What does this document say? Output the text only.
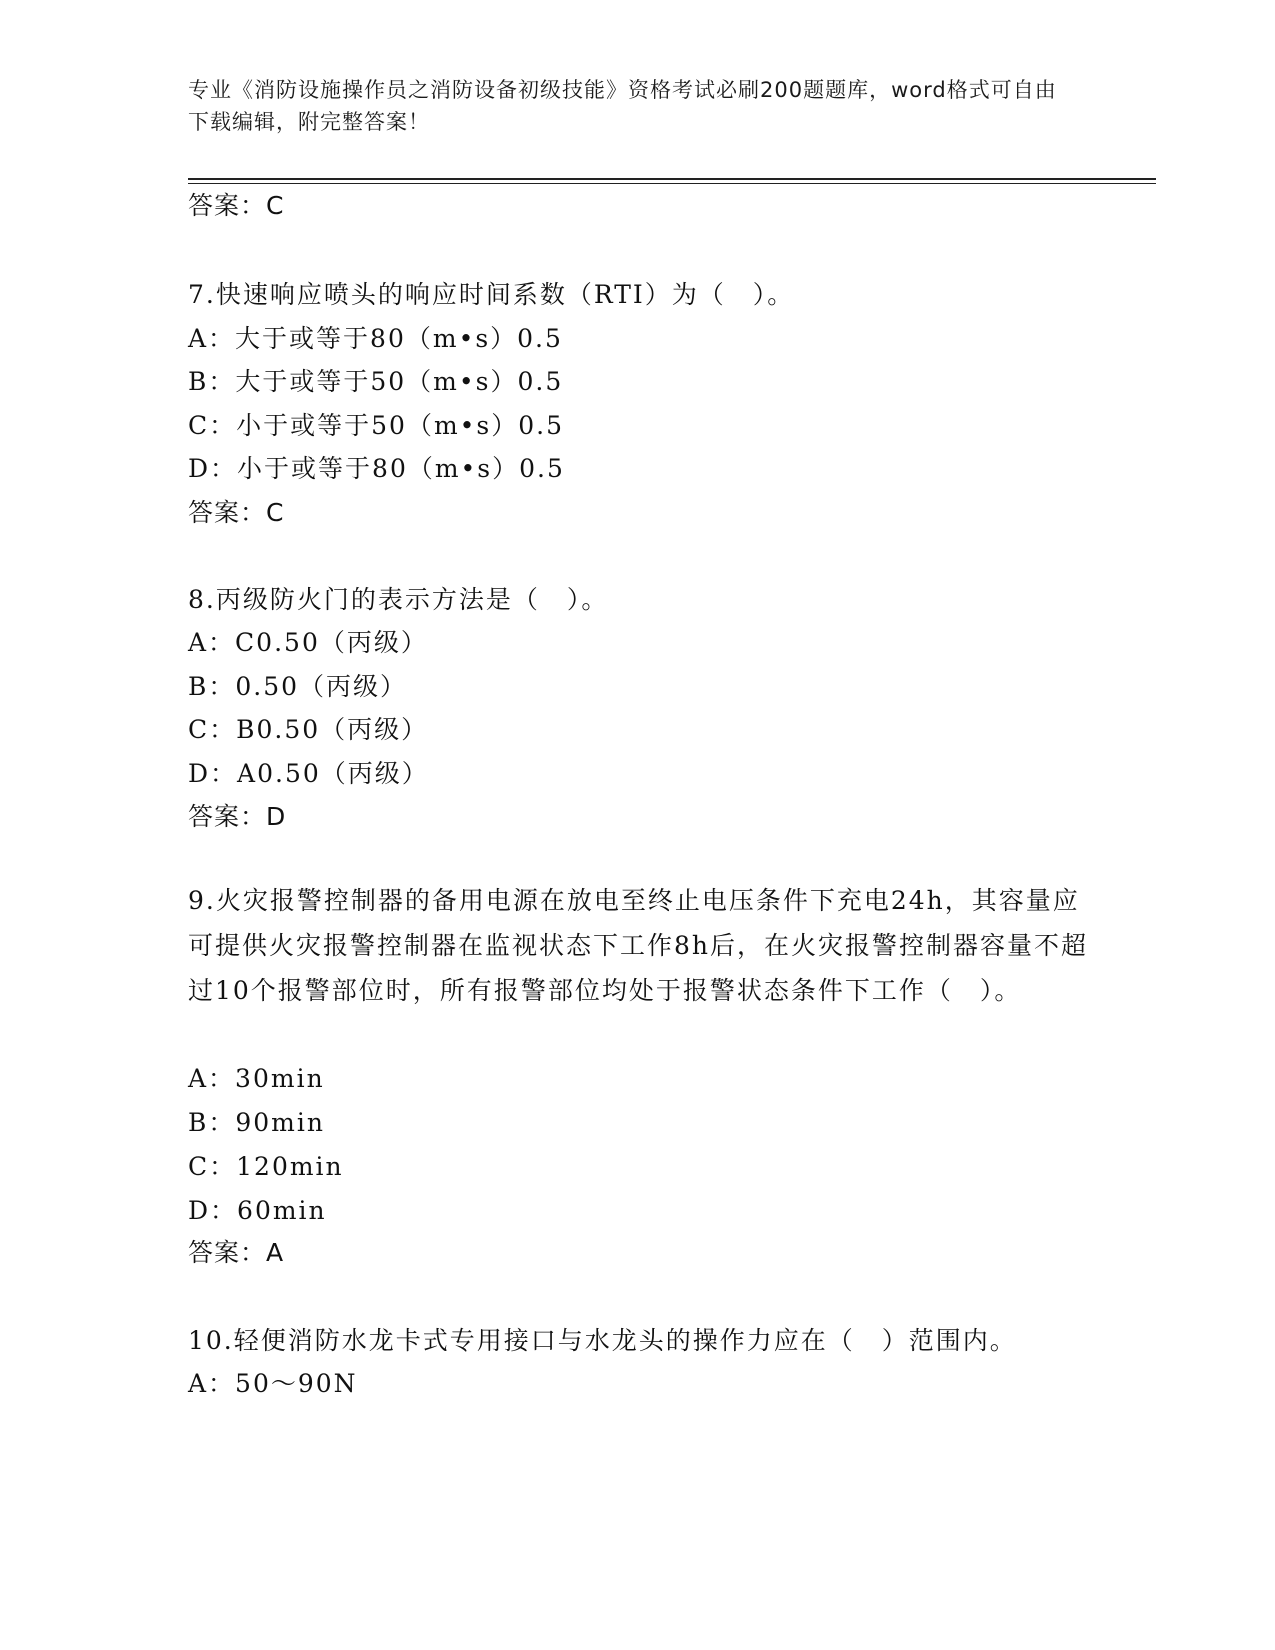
专业《消防设施操作员之消防设备初级技能》资格考试必刷200题题库，word格式可自由下载编辑，附完整答案！
答案：C
7.快速响应喷头的响应时间系数（RTI）为（　）。
A：大于或等于80（m•s）0.5
B：大于或等于50（m•s）0.5
C：小于或等于50（m•s）0.5
D：小于或等于80（m•s）0.5
答案：C
8.丙级防火门的表示方法是（　）。
A：C0.50（丙级）
B：0.50（丙级）
C：B0.50（丙级）
D：A0.50（丙级）
答案：D
9.火灾报警控制器的备用电源在放电至终止电压条件下充电24h，其容量应可提供火灾报警控制器在监视状态下工作8h后，在火灾报警控制器容量不超过10个报警部位时，所有报警部位均处于报警状态条件下工作（　）。
A：30min
B：90min
C：120min
D：60min
答案：A
10.轻便消防水龙卡式专用接口与水龙头的操作力应在（　）范围内。
A：50～90N
